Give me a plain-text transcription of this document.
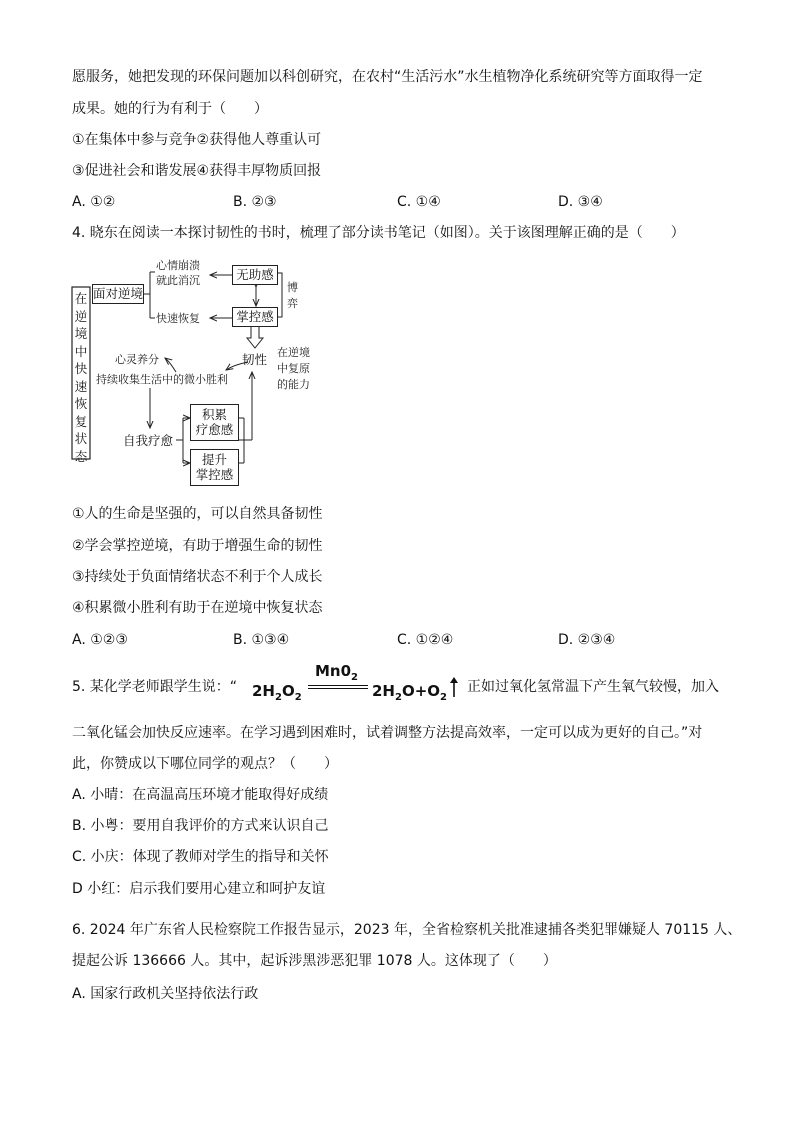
愿服务，她把发现的环保问题加以科创研究，在农村“生活污水”水生植物净化系统研究等方面取得一定
成果。她的行为有利于（　　）
①在集体中参与竞争②获得他人尊重认可
③促进社会和谐发展④获得丰厚物质回报
A. ①②	B. ②③	C. ①④	D. ③④
4. 晓东在阅读一本探讨韧性的书时，梳理了部分读书笔记（如图）。关于该图理解正确的是（　　）
在逆境中快速恢复状态
面对逆境
心情崩溃
就此消沉
快速恢复
无助感
掌控感
博
弈
韧性 在逆境
中复原
的能力
心灵养分
持续收集生活中的微小胜利
自我疗愈
积累
疗愈感
提升
掌控感
①人的生命是坚强的，可以自然具备韧性
②学会掌控逆境，有助于增强生命的韧性
③持续处于负面情绪状态不利于个人成长
④积累微小胜利有助于在逆境中恢复状态
A. ①②③	B. ①③④	C. ①②④	D. ②③④
5. 某化学老师跟学生说：“ $2H_2O_2$
$Mn0_2$
$2H_2O+O_2$
正如过氧化氢常温下产生氧气较慢，加入
二氧化锰会加快反应速率。在学习遇到困难时，试着调整方法提高效率，一定可以成为更好的自己。”对
此，你赞成以下哪位同学的观点？（　　）
A. 小晴：在高温高压环境才能取得好成绩
B. 小粤：要用自我评价的方式来认识自己
C. 小庆：体现了教师对学生的指导和关怀
D 小红：启示我们要用心建立和呵护友谊
6. 2024 年广东省人民检察院工作报告显示，2023 年，全省检察机关批准逮捕各类犯罪嫌疑人 70115 人、
提起公诉 136666 人。其中，起诉涉黑涉恶犯罪 1078 人。这体现了（　　）
A. 国家行政机关坚持依法行政
